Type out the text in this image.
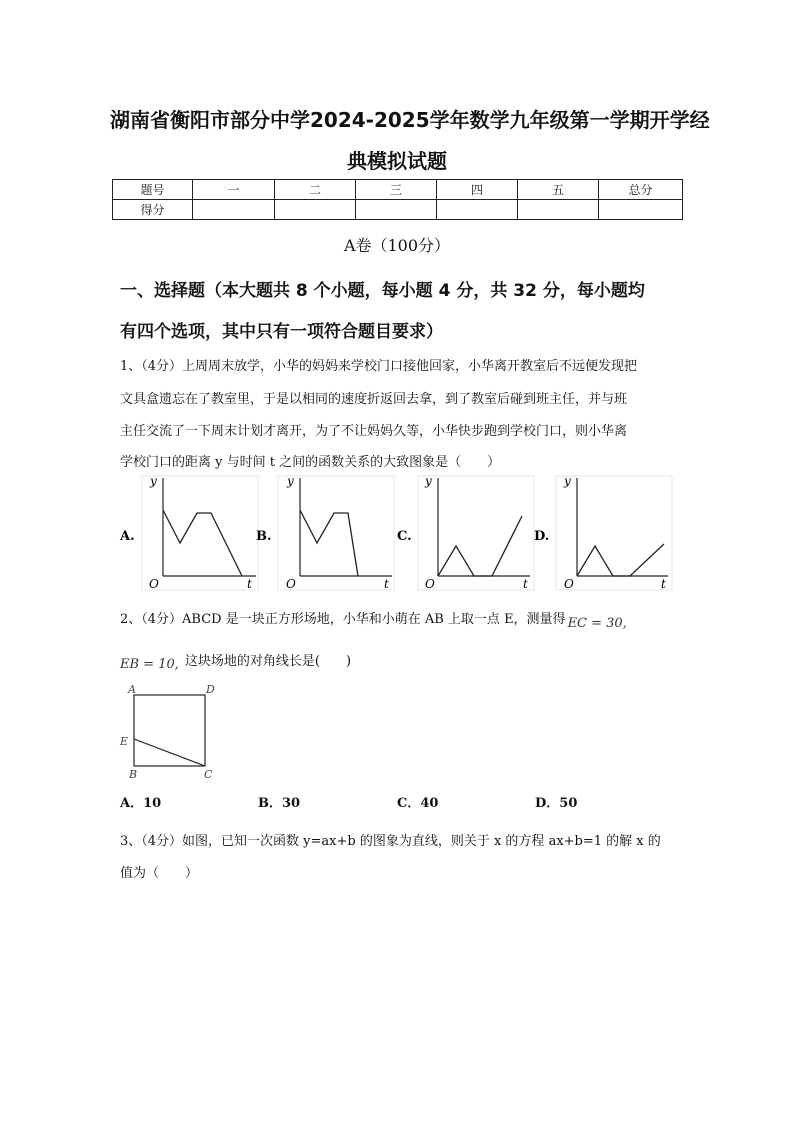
湖南省衡阳市部分中学2024-2025学年数学九年级第一学期开学经
典模拟试题
题号	一	二	三	四	五	总分
得分						
A卷（100分）
一、选择题（本大题共 8 个小题，每小题 4 分，共 32 分，每小题均
有四个选项，其中只有一项符合题目要求）
1、（4分）上周周末放学，小华的妈妈来学校门口接他回家，小华离开教室后不远便发现把
文具盒遗忘在了教室里，于是以相同的速度折返回去拿，到了教室后碰到班主任，并与班
主任交流了一下周末计划才离开，为了不让妈妈久等，小华快步跑到学校门口，则小华离
学校门口的距离 y 与时间 t 之间的函数关系的大致图象是（　　）
A.
y
t
O
B.
y
t
O
C.
y
t
O
D.
y
t
O
2、（4分）ABCD 是一块正方形场地，小华和小萌在 AB 上取一点 E，测量得 EC = 30,
EB = 10, 这块场地的对角线长是(　　)
A	D
E
B	C
A．10	B．30	C．40	D．50
3、（4分）如图，已知一次函数 y=ax+b 的图象为直线，则关于 x 的方程 ax+b=1 的解 x 的
值为（　　）
